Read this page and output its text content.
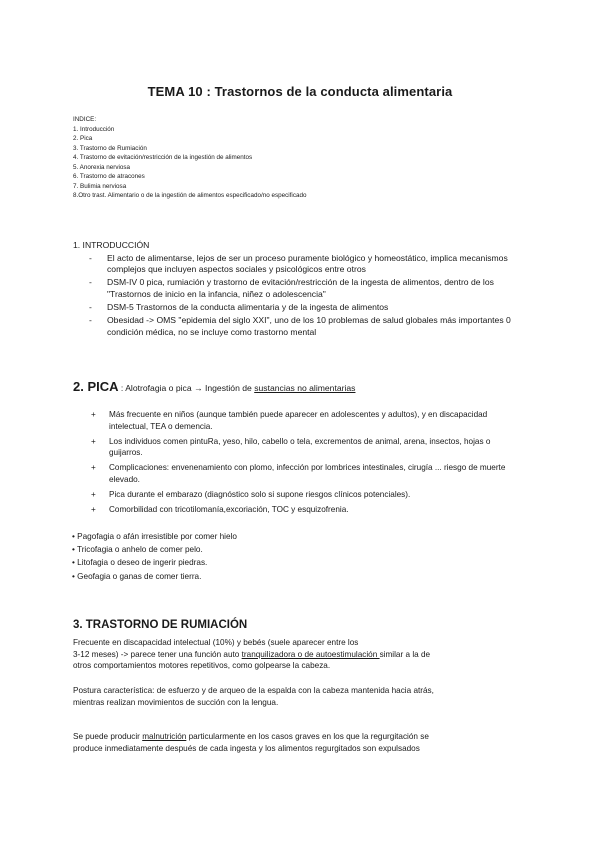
TEMA 10 : Trastornos de la conducta alimentaria
INDICE:
1. Introducción
2. Pica
3. Trastorno de Rumiación
4. Trastorno de evitación/restricción de la ingestión de alimentos
5. Anorexia nerviosa
6. Trastorno de atracones
7. Bulimia nerviosa
8.Otro trast. Alimentario o de la ingestión de alimentos especificado/no especificado
1. INTRODUCCIÓN
- El acto de alimentarse, lejos de ser un proceso puramente biológico y homeostático, implica mecanismos complejos que incluyen aspectos sociales y psicológicos entre otros
- DSM-IV 0 pica, rumiación y trastorno de evitación/restricción de la ingesta de alimentos, dentro de los "Trastornos de inicio en la infancia, niñez o adolescencia"
- DSM-5 Trastornos de la conducta alimentaria y de la ingesta de alimentos
- Obesidad -> OMS "epidemia del siglo XXI", uno de los 10 problemas de salud globales más importantes 0 condición médica, no se incluye como trastorno mental
2. PICA : Alotrofagia o pica → Ingestión de sustancias no alimentarias
+ Más frecuente en niños (aunque también puede aparecer en adolescentes y adultos), y en discapacidad intelectual, TEA o demencia.
+ Los individuos comen pintuRa, yeso, hilo, cabello o tela, excrementos de animal, arena, insectos, hojas o guijarros.
+ Complicaciones: envenenamiento con plomo, infección por lombrices intestinales, cirugía ... riesgo de muerte elevado.
+ Pica durante el embarazo (diagnóstico solo si supone riesgos clínicos potenciales).
+ Comorbilidad con tricotilomanía,excoriación, TOC y esquizofrenia.
• Pagofagia o afán irresistible por comer hielo
• Tricofagia o anhelo de comer pelo.
• Litofagia o deseo de ingerir piedras.
• Geofagia o ganas de comer tierra.
3. TRASTORNO DE RUMIACIÓN
Frecuente en discapacidad intelectual (10%) y bebés (suele aparecer entre los
3-12 meses) -> parece tener una función auto tranquilizadora o de autoestimulación similar a la de
otros comportamientos motores repetitivos, como golpearse la cabeza.
Postura característica: de esfuerzo y de arqueo de la espalda con la cabeza mantenida hacia atrás,
mientras realizan movimientos de succión con la lengua.
Se puede producir malnutrición particularmente en los casos graves en los que la regurgitación se
produce inmediatamente después de cada ingesta y los alimentos regurgitados son expulsados
